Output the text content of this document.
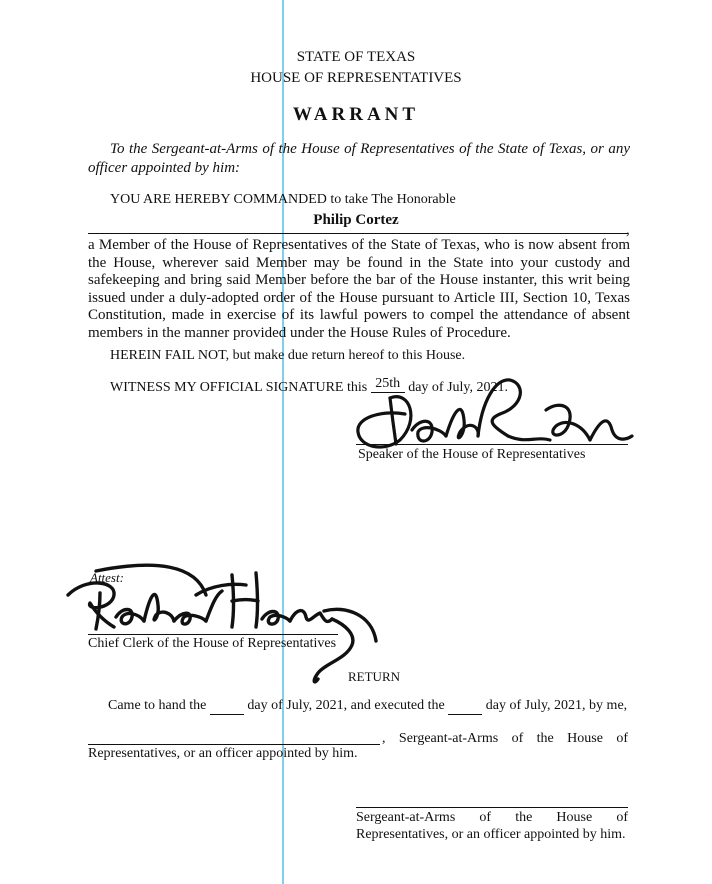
STATE OF TEXAS
HOUSE OF REPRESENTATIVES
WARRANT
To the Sergeant-at-Arms of the House of Representatives of the State of Texas, or any officer appointed by him:
YOU ARE HEREBY COMMANDED to take The Honorable
Philip Cortez
,
a Member of the House of Representatives of the State of Texas, who is now absent from the House, wherever said Member may be found in the State into your custody and safekeeping and bring said Member before the bar of the House instanter, this writ being issued under a duly-adopted order of the House pursuant to Article III, Section 10, Texas Constitution, made in exercise of its lawful powers to compel the attendance of absent members in the manner provided under the House Rules of Procedure.
HEREIN FAIL NOT, but make due return hereof to this House.
WITNESS MY OFFICIAL SIGNATURE this 25th day of July, 2021.
Speaker of the House of Representatives
Attest:
Chief Clerk of the House of Representatives
RETURN
Came to hand the	day of July, 2021, and executed the	day of July, 2021, by me,
, Sergeant-at-Arms of the House of
Representatives, or an officer appointed by him.
Sergeant-at-Arms of the House of
Representatives, or an officer appointed by him.
